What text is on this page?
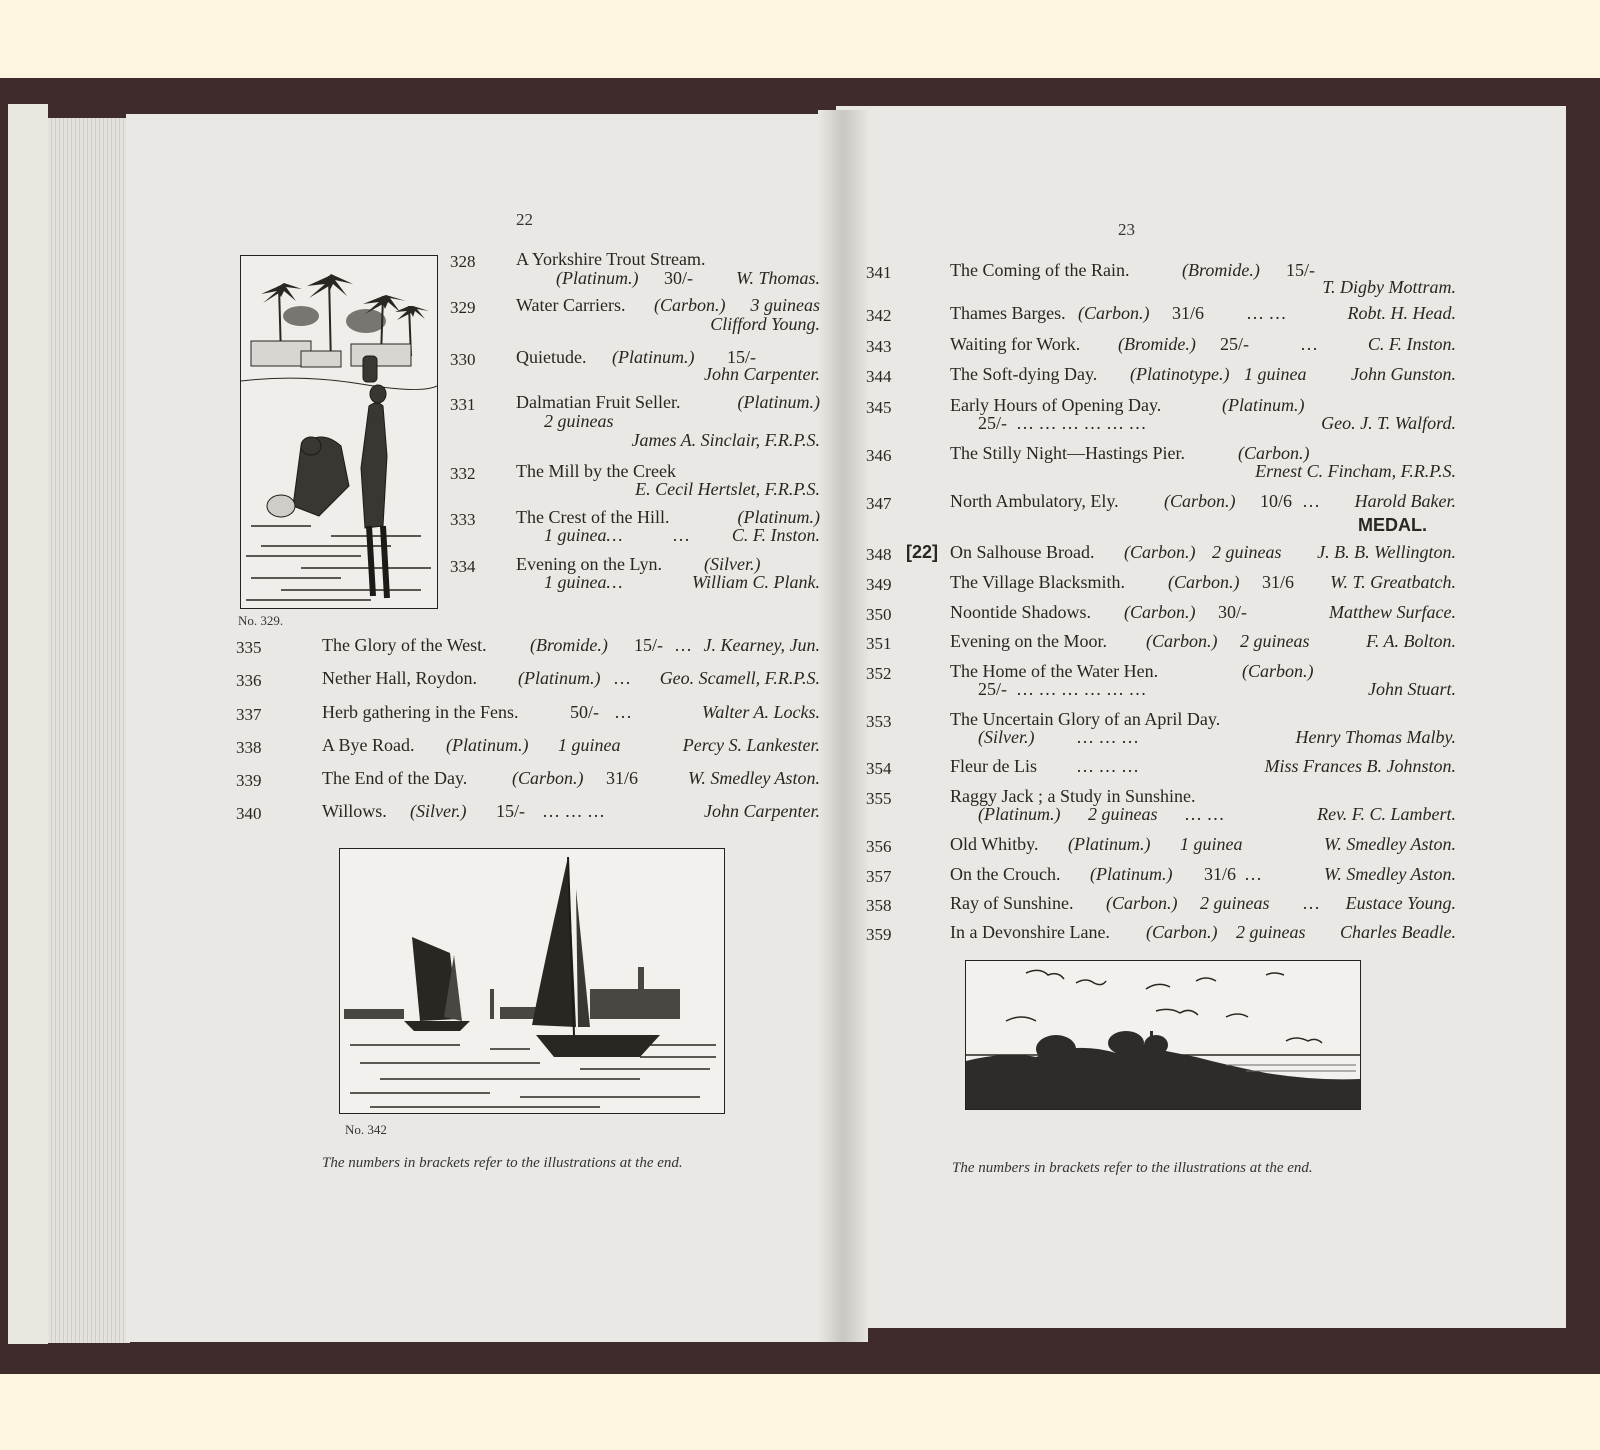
22
No. 329.
328 A Yorkshire Trout Stream.
(Platinum.) 30/- W. Thomas.
329 Water Carriers. (Carbon.) 3 guineas
Clifford Young.
330 Quietude. (Platinum.) 15/-
John Carpenter.
331 Dalmatian Fruit Seller.	(Platinum.)
2 guineas
James A. Sinclair, F.R.P.S.
332 The Mill by the Creek
E. Cecil Hertslet, F.R.P.S.
333 The Crest of the Hill.	(Platinum.)
1 guinea…	… C. F. Inston.
334 Evening on the Lyn. (Silver.)
1 guinea…	William C. Plank.
335	The Glory of the West. (Bromide.) 15/- … J. Kearney, Jun.
336	Nether Hall, Roydon. (Platinum.) … Geo. Scamell, F.R.P.S.
337	Herb gathering in the Fens.	50/- …	Walter A. Locks.
338	A Bye Road. (Platinum.) 1 guinea	Percy S. Lankester.
339	The End of the Day. (Carbon.) 31/6	W. Smedley Aston.
340	Willows. (Silver.) 15/- … … …	John Carpenter.
No. 342
The numbers in brackets refer to the illustrations at the end.
23
341	The Coming of the Rain.	(Bromide.) 15/-
T. Digby Mottram.
342	Thames Barges. (Carbon.) 31/6 … …	Robt. H. Head.
343	Waiting for Work. (Bromide.) 25/-	…	C. F. Inston.
344	The Soft-dying Day. (Platinotype.) 1 guinea John Gunston.
345	Early Hours of Opening Day.	(Platinum.)
25/- … … … … … …	Geo. J. T. Walford.
346	The Stilly Night—Hastings Pier.	(Carbon.)
Ernest C. Fincham, F.R.P.S.
347	North Ambulatory, Ely.	(Carbon.) 10/6 … Harold Baker.
MEDAL.
348 [22] On Salhouse Broad. (Carbon.) 2 guineas J. B. B. Wellington.
349	The Village Blacksmith. (Carbon.) 31/6 W. T. Greatbatch.
350	Noontide Shadows. (Carbon.) 30/-	Matthew Surface.
351	Evening on the Moor. (Carbon.) 2 guineas	F. A. Bolton.
352	The Home of the Water Hen.	(Carbon.)
25/- … … … … … …	John Stuart.
353	The Uncertain Glory of an April Day.
(Silver.) … … …	Henry Thomas Malby.
354	Fleur de Lis … … …	Miss Frances B. Johnston.
355	Raggy Jack ; a Study in Sunshine.
(Platinum.) 2 guineas … …	Rev. F. C. Lambert.
356	Old Whitby. (Platinum.) 1 guinea	W. Smedley Aston.
357	On the Crouch. (Platinum.) 31/6 …	W. Smedley Aston.
358	Ray of Sunshine. (Carbon.) 2 guineas … Eustace Young.
359	In a Devonshire Lane. (Carbon.) 2 guineas Charles Beadle.
The numbers in brackets refer to the illustrations at the end.
